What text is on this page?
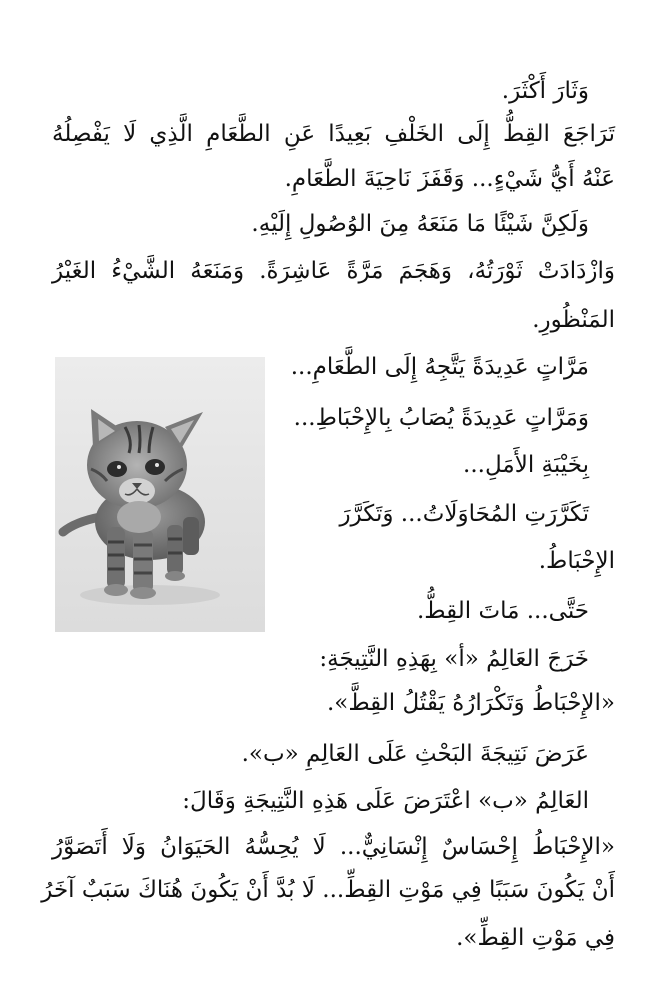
وَثَارَ أَكْثَرَ.
تَرَاجَعَ القِطُّ إِلَى الخَلْفِ بَعِيدًا عَنِ الطَّعَامِ الَّذِي لَا يَفْصِلُهُ
عَنْهُ أَيُّ شَيْءٍ... وَقَفَزَ نَاحِيَةَ الطَّعَامِ.
وَلَكِنَّ شَيْئًا مَا مَنَعَهُ مِنَ الوُصُولِ إِلَيْهِ.
وَازْدَادَتْ ثَوْرَتُهُ، وَهَجَمَ مَرَّةً عَاشِرَةً. وَمَنَعَهُ الشَّيْءُ الغَيْرُ
المَنْظُورِ.
مَرَّاتٍ عَدِيدَةً يَتَّجِهُ إِلَى الطَّعَامِ...
وَمَرَّاتٍ عَدِيدَةً يُصَابُ بِالإِحْبَاطِ...
بِخَيْبَةِ الأَمَلِ...
تَكَرَّرَتِ المُحَاوَلَاتُ... وَتَكَرَّرَ
الإِحْبَاطُ.
حَتَّى... مَاتَ القِطُّ.
خَرَجَ العَالِمُ «أ» بِهَذِهِ النَّتِيجَةِ:
«الإِحْبَاطُ وَتَكْرَارُهُ يَقْتُلُ القِطَّ».
عَرَضَ نَتِيجَةَ البَحْثِ عَلَى العَالِمِ «ب».
العَالِمُ «ب» اعْتَرَضَ عَلَى هَذِهِ النَّتِيجَةِ وَقَالَ:
«الإِحْبَاطُ إِحْسَاسٌ إِنْسَانِيٌّ... لَا يُحِسُّهُ الحَيَوَانُ وَلَا أَتَصَوَّرُ
أَنْ يَكُونَ سَبَبًا فِي مَوْتِ القِطِّ... لَا بُدَّ أَنْ يَكُونَ هُنَاكَ سَبَبٌ آخَرُ
فِي مَوْتِ القِطِّ».
